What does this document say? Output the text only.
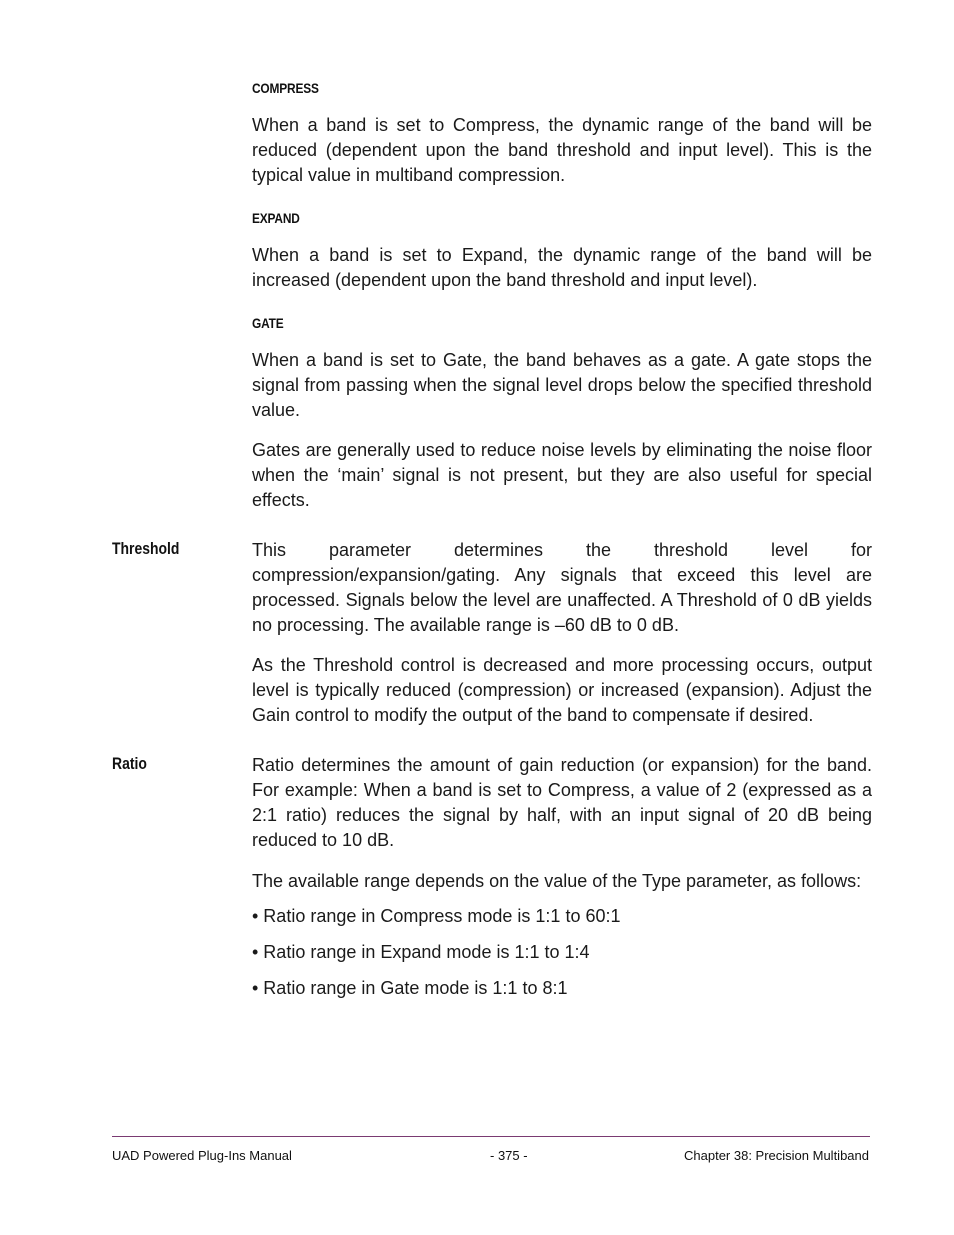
COMPRESS

When a band is set to Compress, the dynamic range of the band will be reduced (dependent upon the band threshold and input level). This is the typical value in multiband compression.

EXPAND

When a band is set to Expand, the dynamic range of the band will be increased (dependent upon the band threshold and input level).

GATE

When a band is set to Gate, the band behaves as a gate. A gate stops the signal from passing when the signal level drops below the specified threshold value.

Gates are generally used to reduce noise levels by eliminating the noise floor when the ‘main’ signal is not present, but they are also useful for special effects.

Threshold	This parameter determines the threshold level for compression/expansion/gating. Any signals that exceed this level are processed. Signals below the level are unaffected. A Threshold of 0 dB yields no processing. The available range is –60 dB to 0 dB.

As the Threshold control is decreased and more processing occurs, output level is typically reduced (compression) or increased (expansion). Adjust the Gain control to modify the output of the band to compensate if desired.

Ratio	Ratio determines the amount of gain reduction (or expansion) for the band. For example: When a band is set to Compress, a value of 2 (expressed as a 2:1 ratio) reduces the signal by half, with an input signal of 20 dB being reduced to 10 dB.

The available range depends on the value of the Type parameter, as follows:

• Ratio range in Compress mode is 1:1 to 60:1

• Ratio range in Expand mode is 1:1 to 1:4

• Ratio range in Gate mode is 1:1 to 8:1

UAD Powered Plug-Ins Manual	- 375 -	Chapter 38: Precision Multiband
